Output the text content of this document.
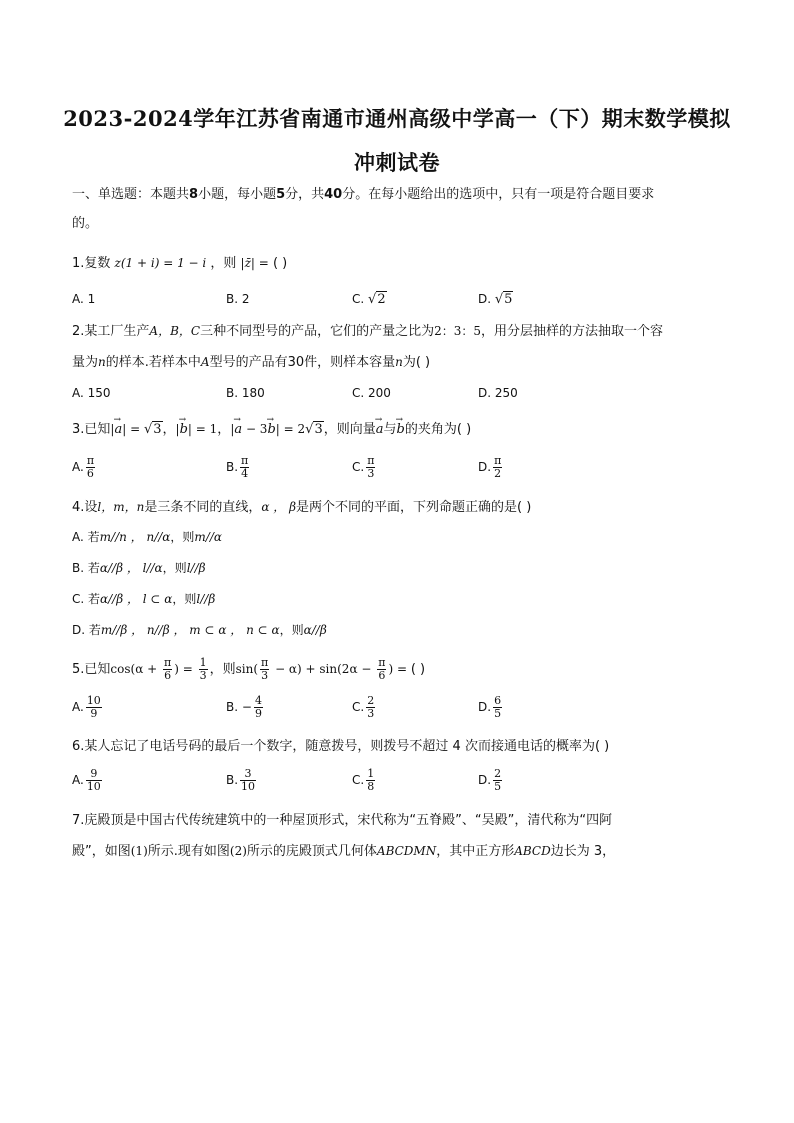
2023-2024学年江苏省南通市通州高级中学高一（下）期末数学模拟
冲刺试卷
一、单选题：本题共8小题，每小题5分，共40分。在每小题给出的选项中，只有一项是符合题目要求
的。
1.复数 z(1 + i) = 1 − i ，则 |z̄| = ( )
A. 1	B. 2	C. √2	D. √5
2.某工厂生产A，B，C三种不同型号的产品，它们的产量之比为2：3：5，用分层抽样的方法抽取一个容
量为n的样本.若样本中A型号的产品有30件，则样本容量n为( )
A. 150	B. 180	C. 200	D. 250
3.已知|→ a| = √3，|→ b| = 1，|→ a − 3→ b| = 2√3，则向量→ a与→ b的夹角为( )
A. $\frac{\pi}{6}$	B. $\frac{\pi}{4}$	C. $\frac{\pi}{3}$	D. $\frac{\pi}{2}$
4.设l，m，n是三条不同的直线，α ， β是两个不同的平面，下列命题正确的是( )
A. 若m//n ， n//α，则m//α
B. 若α//β ， l//α，则l//β
C. 若α//β ， l ⊂ α，则l//β
D. 若m//β ， n//β ， m ⊂ α ， n ⊂ α，则α//β
5.已知$\cos(\alpha + \frac{\pi}{6}$ ) = $\frac{1}{3}$ ，则$\sin( \frac{\pi}{3} - \alpha) + \sin(2\alpha - \frac{\pi}{6}$ ) = ( )
A. $\frac{10}{9}$	B. − $\frac{4}{9}$	C. $\frac{2}{3}$	D. $\frac{6}{5}$
6.某人忘记了电话号码的最后一个数字，随意拨号，则拨号不超过 4 次而接通电话的概率为( )
A. $\frac{9}{10}$	B. $\frac{3}{10}$	C. $\frac{1}{8}$	D. $\frac{2}{5}$
7.庑殿顶是中国古代传统建筑中的一种屋顶形式，宋代称为“五脊殿”、“吴殿”，清代称为“四阿
殿”，如图(1)所示.现有如图(2)所示的庑殿顶式几何体ABCDMN，其中正方形ABCD边长为 3，
